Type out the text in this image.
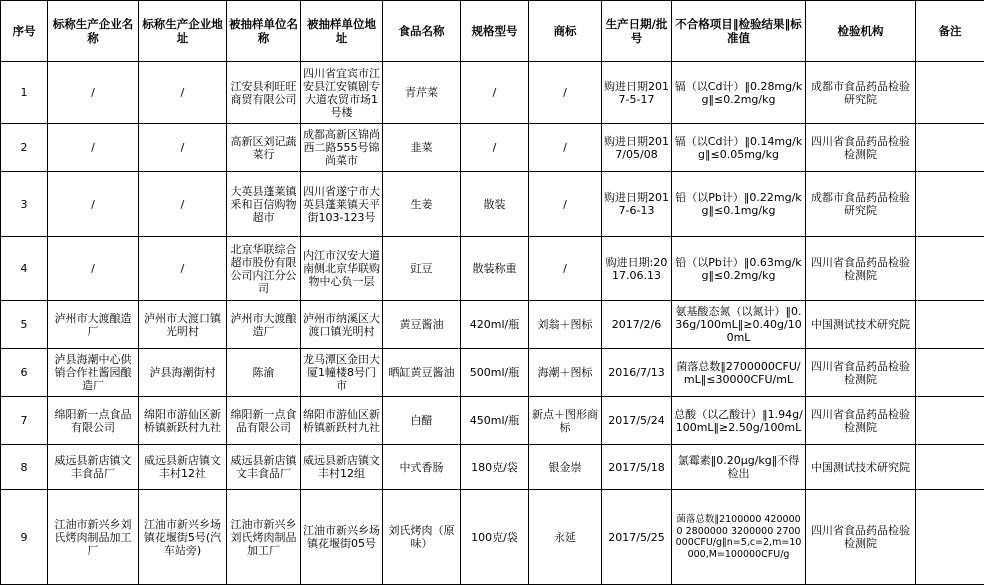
序号	标称生产企业名称	标称生产企业地址	被抽样单位名称	被抽样单位地址	食品名称	规格型号	商标	生产日期/批号	不合格项目‖检验结果‖标准值	检验机构	备注
1	/	/	江安县利旺旺商贸有限公司	四川省宜宾市江安县江安镇剧专大道农贸市场1号楼	青芹菜	/	/	购进日期2017-5-17	镉（以Cd计）‖0.28mg/kg‖≤0.2mg/kg	成都市食品药品检验研究院	
2	/	/	高新区刘记蔬菜行	成都高新区锦尚西二路555号锦尚菜市	韭菜	/	/	购进日期2017/05/08	镉（以Cd计）‖0.14mg/kg‖≤0.05mg/kg	四川省食品药品检验检测院	
3	/	/	大英县蓬莱镇釆和百信购物超市	四川省遂宁市大英县蓬莱镇天平街103-123号	生姜	散装	/	购进日期2017-6-13	铅（以Pb计）‖0.22mg/kg‖≤0.1mg/kg	成都市食品药品检验研究院	
4	/	/	北京华联综合超市股份有限公司内江分公司	内江市汉安大道南侧北京华联购物中心负一层	豇豆	散装称重	/	购进日期:2017.06.13	铅（以Pb计）‖0.63mg/kg‖≤0.2mg/kg	四川省食品药品检验检测院	
5	泸州市大渡酿造厂	泸州市大渡口镇光明村	泸州市大渡酿造厂	泸州市纳溪区大渡口镇光明村	黄豆酱油	420ml/瓶	刘翁＋图标	2017/2/6	氨基酸态氮（以氮计）‖0.36g/100mL‖≥0.40g/100mL	中国测试技术研究院	
6	泸县海潮中心供销合作社酱园酿造厂	泸县海潮街村	陈渝	龙马潭区金田大厦1幢楼8号门市	晒缸黄豆酱油	500ml/瓶	海潮＋图标	2016/7/13	菌落总数‖2700000CFU/mL‖≤30000CFU/mL	四川省食品药品检验检测院	
7	绵阳新一点食品有限公司	绵阳市游仙区新桥镇新跃村九社	绵阳新一点食品有限公司	绵阳市游仙区新桥镇新跃村九社	白醋	450ml/瓶	新点＋图形商标	2017/5/24	总酸（以乙酸计）‖1.94g/100mL‖≥2.50g/100mL	四川省食品药品检验检测院	
8	威远县新店镇文丰食品厂	威远县新店镇文丰村12社	威远县新店镇文丰食品厂	威远县新店镇文丰村12组	中式香肠	180克/袋	银金崇	2017/5/18	氯霉素‖0.20μg/kg‖不得检出	中国测试技术研究院	
9	江油市新兴乡刘氏烤肉制品加工厂	江油市新兴乡场镇花堰街5号(汽车站旁)	江油市新兴乡刘氏烤肉制品加工厂	江油市新兴乡场镇花堰街05号	刘氏烤肉（原味）	100克/袋	永延	2017/5/25	菌落总数‖2100000 4200000 2800000 3200000 2700000CFU/g‖n=5,c=2,m=10000,M=100000CFU/g	四川省食品药品检验检测院	
